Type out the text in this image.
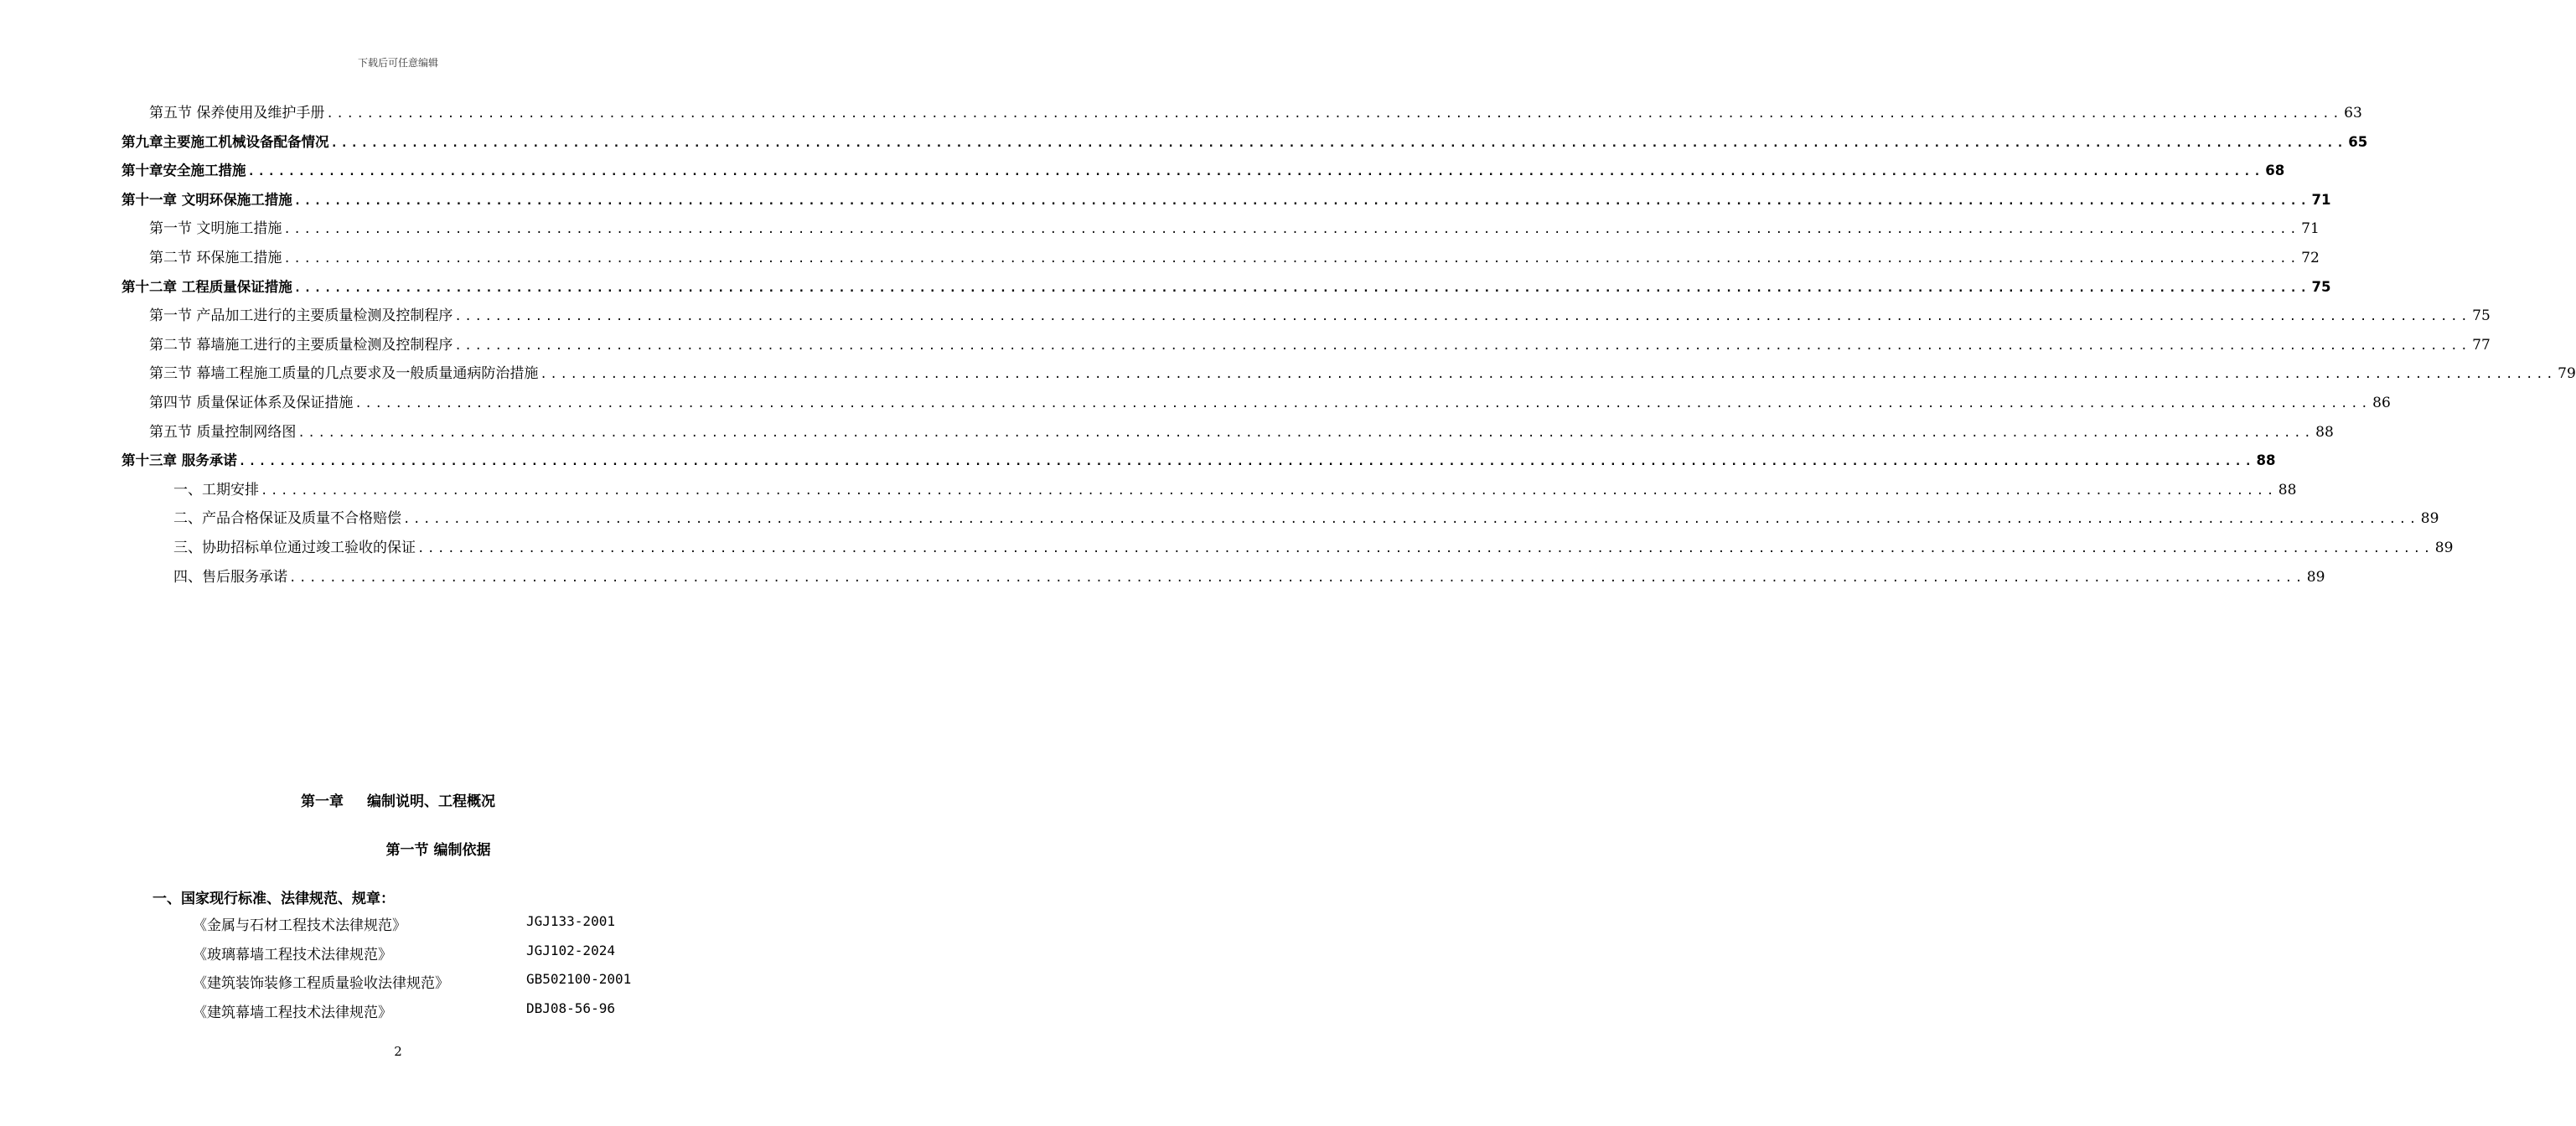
下载后可任意编辑
第五节 保养使用及维护手册 ........................................................................................................................................................................................................ 63
第九章 主要施工机械设备配备情况 ........................................................................................................................................................................................................ 65
第十章 安全施工措施 ........................................................................................................................................................................................................ 68
第十一章 文明环保施工措施 ........................................................................................................................................................................................................ 71
第一节 文明施工措施 ........................................................................................................................................................................................................ 71
第二节 环保施工措施 ........................................................................................................................................................................................................ 72
第十二章 工程质量保证措施 ........................................................................................................................................................................................................ 75
第一节 产品加工进行的主要质量检测及控制程序 ........................................................................................................................................................................................................ 75
第二节 幕墙施工进行的主要质量检测及控制程序 ........................................................................................................................................................................................................ 77
第三节 幕墙工程施工质量的几点要求及一般质量通病防治措施 ........................................................................................................................................................................................................ 79
第四节 质量保证体系及保证措施 ........................................................................................................................................................................................................ 86
第五节 质量控制网络图 ........................................................................................................................................................................................................ 88
第十三章 服务承诺 ........................................................................................................................................................................................................ 88
一、工期安排 ........................................................................................................................................................................................................ 88
二、产品合格保证及质量不合格赔偿 ........................................................................................................................................................................................................ 89
三、协助招标单位通过竣工验收的保证 ........................................................................................................................................................................................................ 89
四、售后服务承诺 ........................................................................................................................................................................................................ 89
第一章 编制说明、工程概况
第一节 编制依据
一、国家现行标准、法律规范、规章：
《金属与石材工程技术法律规范》	JGJ133-2001
《玻璃幕墙工程技术法律规范》	JGJ102-2024
《建筑装饰装修工程质量验收法律规范》	GB502100-2001
《建筑幕墙工程技术法律规范》	DBJ08-56-96
2
